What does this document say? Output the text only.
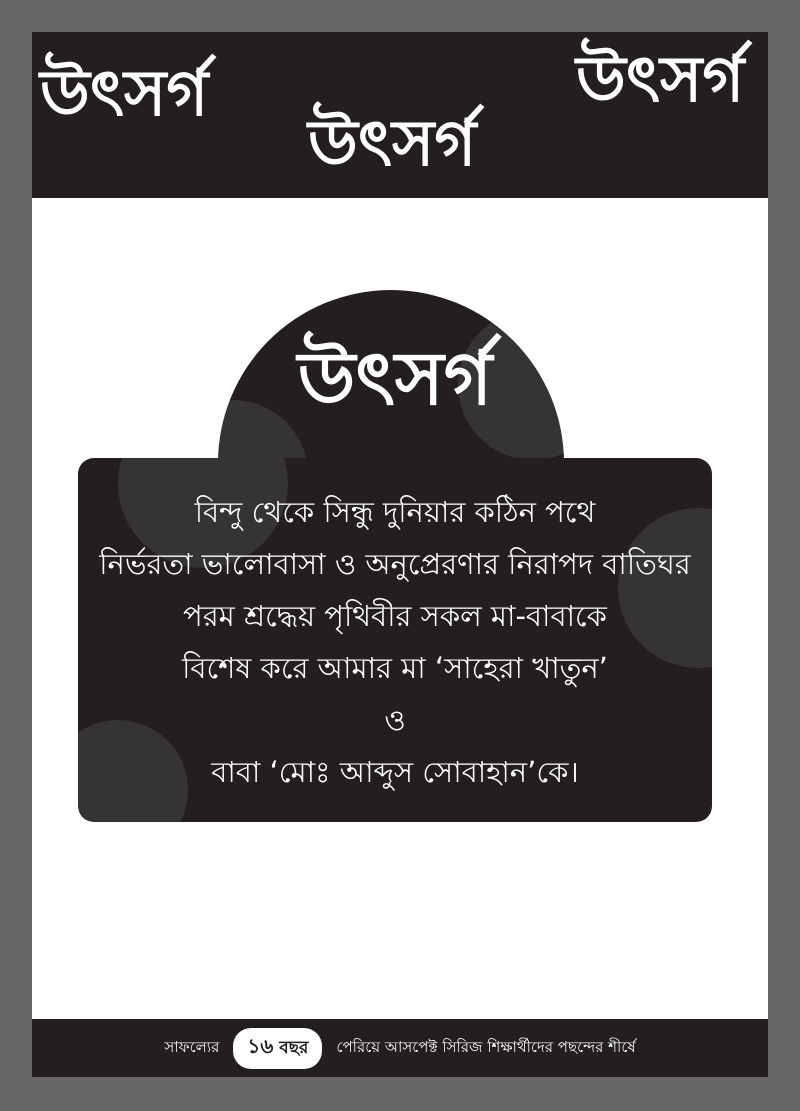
উৎসর্গ
উৎসর্গ
উৎসর্গ
উৎসর্গ
বিন্দু থেকে সিন্ধু দুনিয়ার কঠিন পথে
নির্ভরতা ভালোবাসা ও অনুপ্রেরণার নিরাপদ বাতিঘর
পরম শ্রদ্ধেয় পৃথিবীর সকল মা-বাবাকে
বিশেষ করে আমার মা ‘সাহেরা খাতুন’
ও
বাবা ‘মোঃ আব্দুস সোবাহান’কে।
সাফল্যের	১৬ বছর	পেরিয়ে আসপেক্ট সিরিজ শিক্ষার্থীদের পছন্দের শীর্ষে
